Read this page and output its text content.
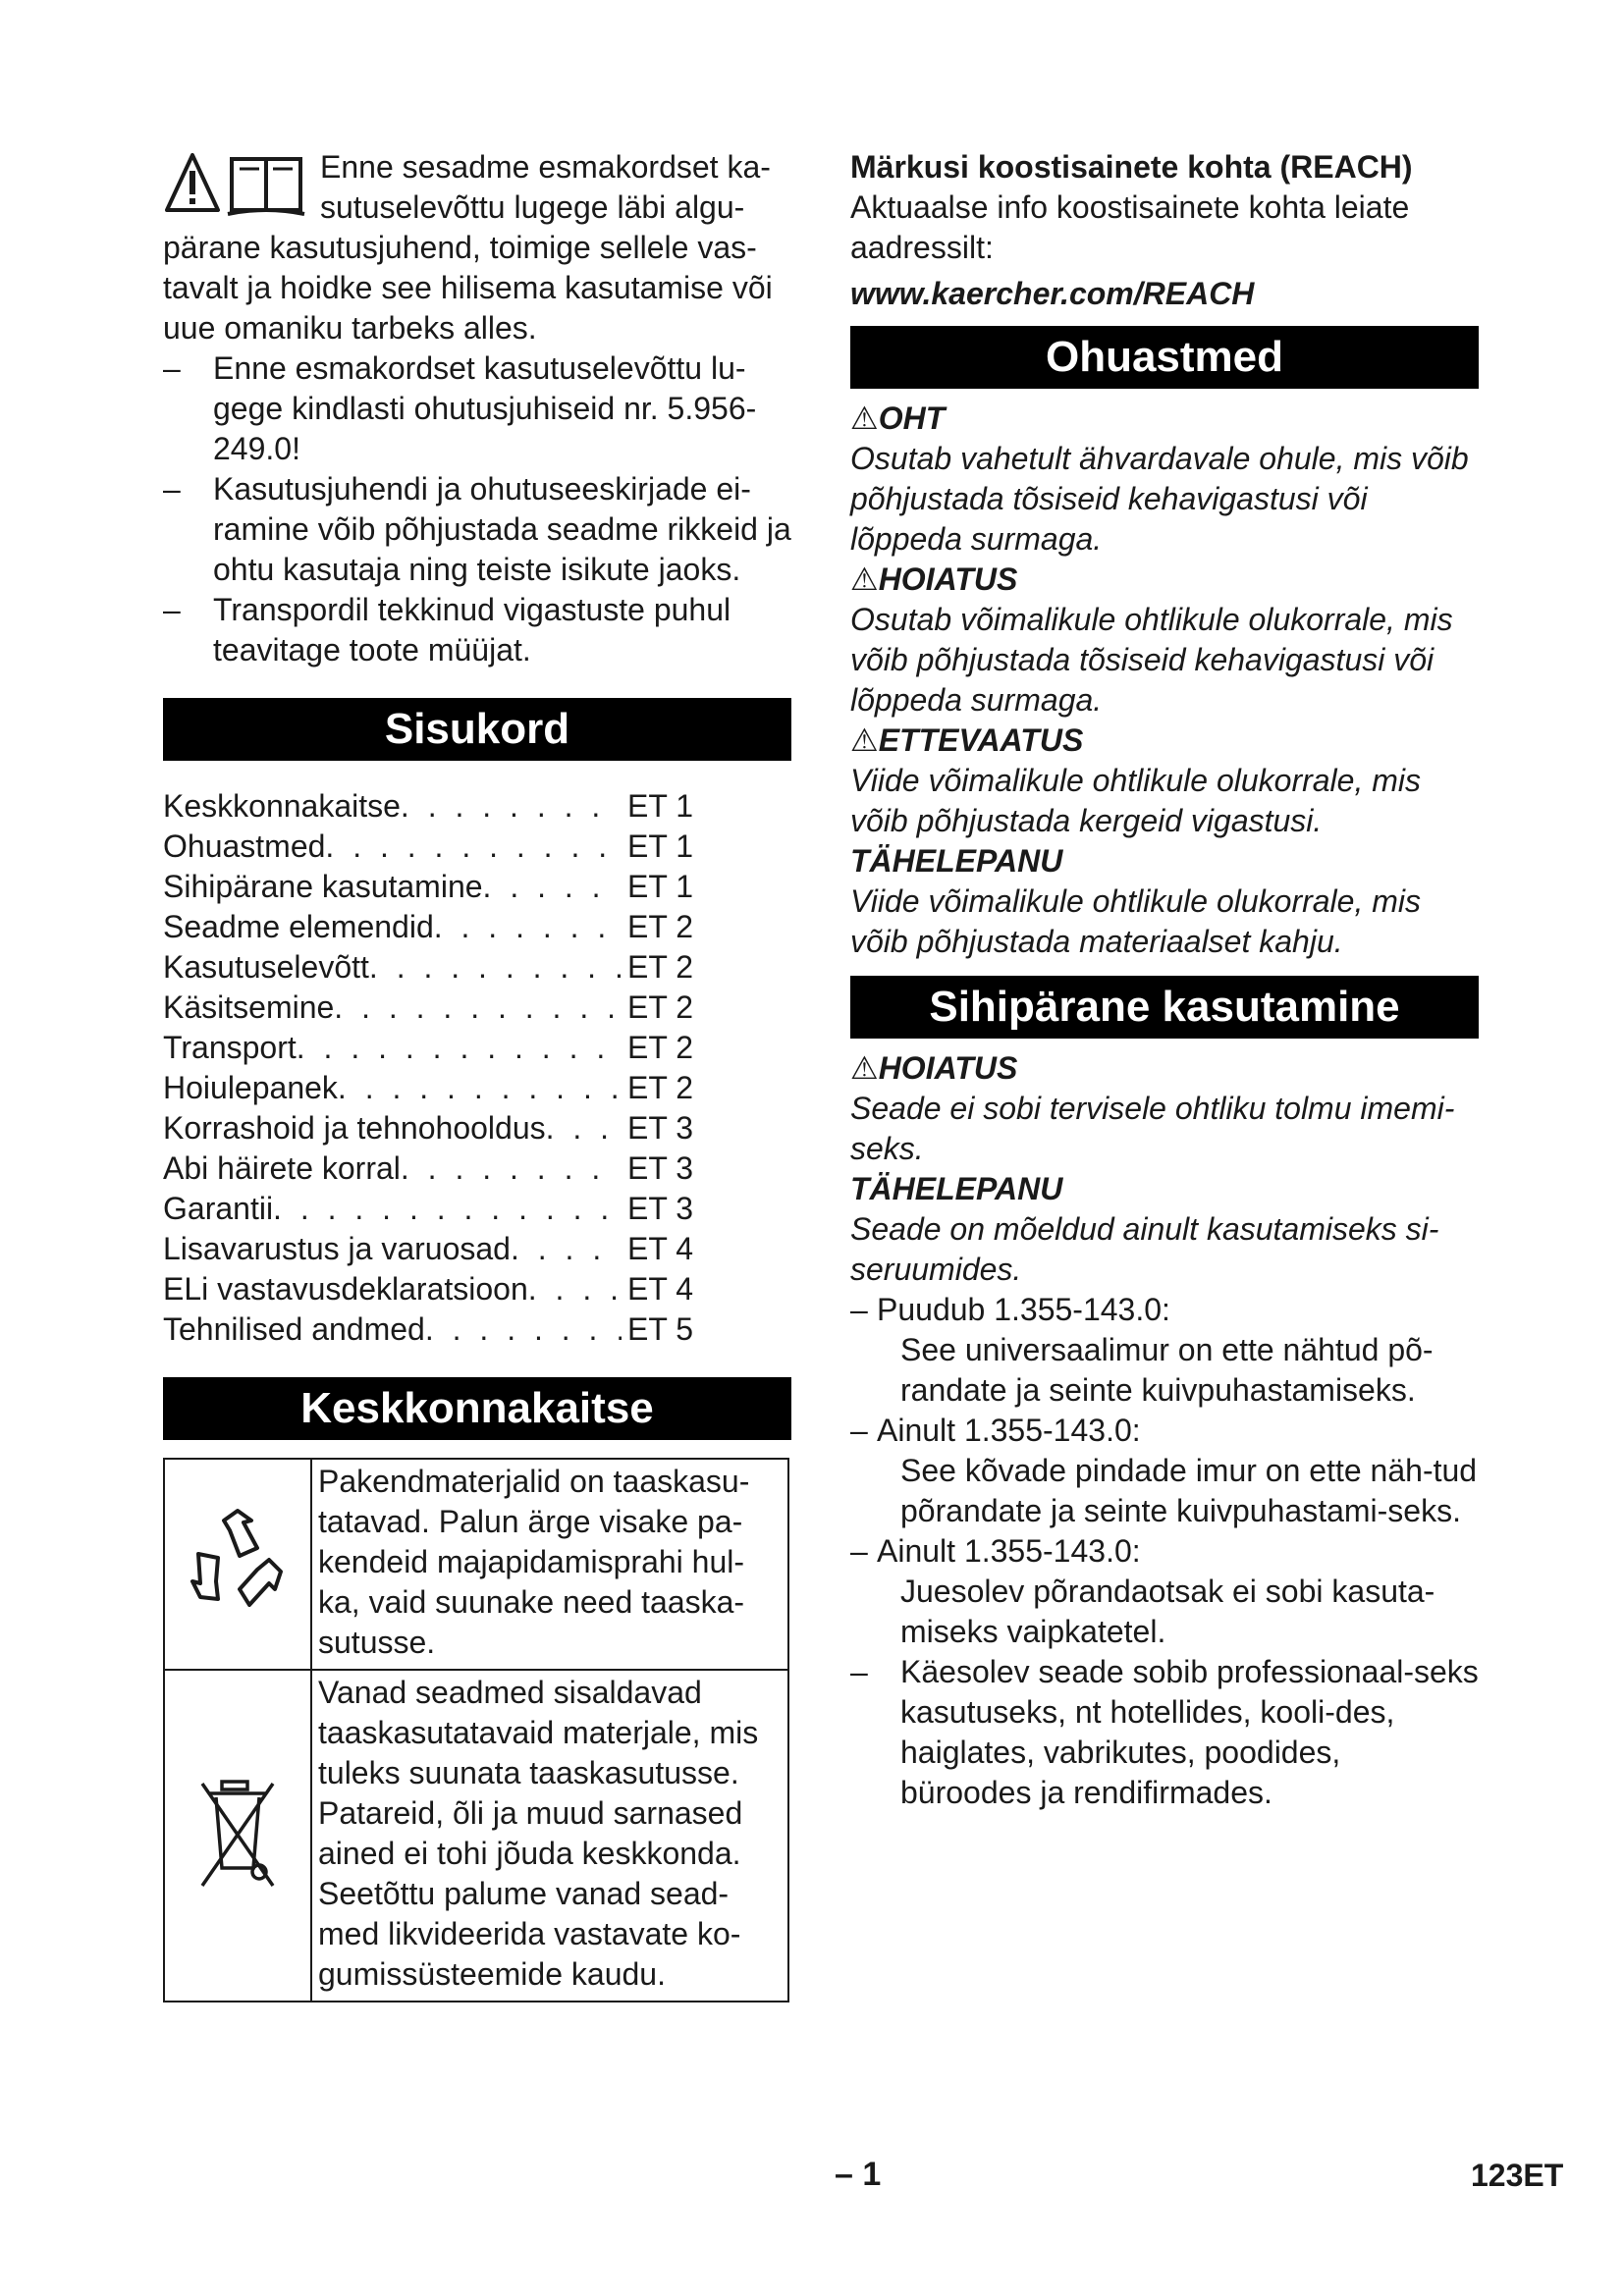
Enne sesadme esmakordset ka-sutuselevõttu lugege läbi algu-

pärane kasutusjuhend, toimige sellele vas-tavalt ja hoidke see hilisema kasutamise või uue omaniku tarbeks alles.

– Enne esmakordset kasutuselevõttu lu-gege kindlasti ohutusjuhiseid nr. 5.956-249.0!
– Kasutusjuhendi ja ohutuseeskirjade ei-ramine võib põhjustada seadme rikkeid ja ohtu kasutaja ning teiste isikute jaoks.
– Transpordil tekkinud vigastuste puhul teavitage toote müüjat.
Sisukord
Keskkonnakaitse . . .	ET 1
Ohuastmed . . .	ET 1
Sihipärane kasutamine . . .	ET 1
Seadme elemendid . . .	ET 2
Kasutuselevõtt . . .	ET 2
Käsitsemine . . .	ET 2
Transport . . .	ET 2
Hoiulepanek . . .	ET 2
Korrashoid ja tehnohooldus . . .	ET 3
Abi häirete korral . . .	ET 3
Garantii . . .	ET 3
Lisavarustus ja varuosad . . .	ET 4
ELi vastavusdeklaratsioon . . .	ET 4
Tehnilised andmed . . .	ET 5
Keskkonnakaitse
	Pakendmaterjalid on taaskasu-tatavad. Palun ärge visake pa-kendeid majapidamisprahi hul-ka, vaid suunake need taaska-sutusse.
	Vanad seadmed sisaldavad taaskasutatavaid materjale, mis tuleks suunata taaskasutusse. Patareid, õli ja muud sarnased ained ei tohi jõuda keskkonda. Seetõttu palume vanad sead-med likvideerida vastavate ko-gumissüsteemide kaudu.

Märkusi koostisainete kohta (REACH)

Aktuaalse info koostisainete kohta leiate aadressilt:

www.kaercher.com/REACH

Ohuastmed

⚠OHT

Osutab vahetult ähvardavale ohule, mis võib põhjustada tõsiseid kehavigastusi või lõppeda surmaga.

⚠HOIATUS

Osutab võimalikule ohtlikule olukorrale, mis võib põhjustada tõsiseid kehavigastusi või lõppeda surmaga.

⚠ETTEVAATUS

Viide võimalikule ohtlikule olukorrale, mis võib põhjustada kergeid vigastusi.

TÄHELEPANU

Viide võimalikule ohtlikule olukorrale, mis võib põhjustada materiaalset kahju.

Sihipärane kasutamine

⚠HOIATUS

Seade ei sobi tervisele ohtliku tolmu imemi-seks.

TÄHELEPANU

Seade on mõeldud ainult kasutamiseks si-seruumides.

– Puudub 1.355-143.0:
See universaalimur on ette nähtud põ-randate ja seinte kuivpuhastamiseks.
– Ainult 1.355-143.0:
See kõvade pindade imur on ette näh-tud põrandate ja seinte kuivpuhastami-seks.
– Ainult 1.355-143.0:
Juesolev põrandaotsak ei sobi kasuta-miseks vaipkatetel.
– Käesolev seade sobib professionaal-seks kasutuseks, nt hotellides, kooli-des, haiglates, vabrikutes, poodides, büroodes ja rendifirmades.
– 1	123ET
